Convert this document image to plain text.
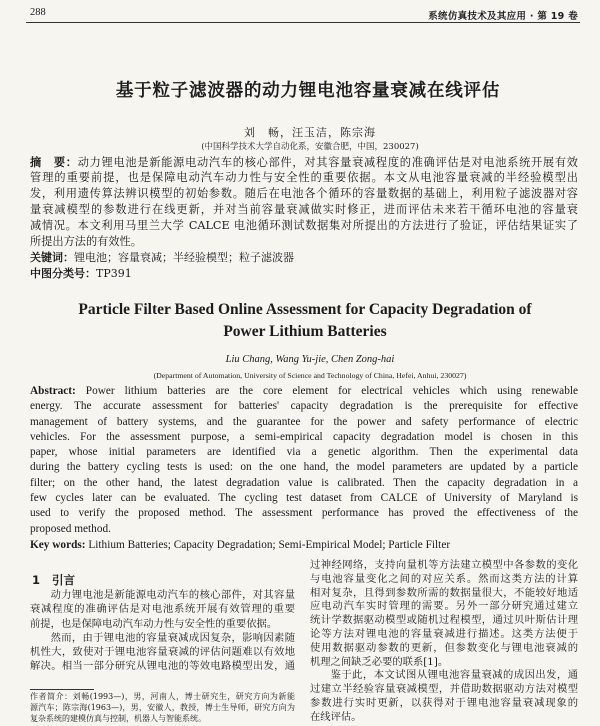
288	系统仿真技术及其应用 · 第 19 卷
基于粒子滤波器的动力锂电池容量衰减在线评估
刘　畅，汪玉洁，陈宗海
(中国科学技术大学自动化系，安徽合肥，中国，230027)
摘　要：动力锂电池是新能源电动汽车的核心部件，对其容量衰减程度的准确评估是对电池系统开展有效
管理的重要前提，也是保障电动汽车动力性与安全性的重要依据。本文从电池容量衰减的半经验模型出
发，利用遗传算法辨识模型的初始参数。随后在电池各个循环的容量数据的基础上，利用粒子滤波器对容
量衰减模型的参数进行在线更新，并对当前容量衰减做实时修正，进而评估未来若干循环电池的容量衰
减情况。本文利用马里兰大学 CALCE 电池循环测试数据集对所提出的方法进行了验证，评估结果证实了
所提出方法的有效性。
关键词：锂电池；容量衰减；半经验模型；粒子滤波器
中图分类号：TP391
Particle Filter Based Online Assessment for Capacity Degradation of
Power Lithium Batteries
Liu Chang, Wang Yu-jie, Chen Zong-hai
(Department of Automation, University of Science and Technology of China, Hefei, Anhui, 230027)
Abstract: Power lithium batteries are the core element for electrical vehicles which using renewable
energy. The accurate assessment for batteries' capacity degradation is the prerequisite for effective
management of battery systems, and the guarantee for the power and safety performance of electric
vehicles. For the assessment purpose, a semi-empirical capacity degradation model is chosen in this
paper, whose initial parameters are identified via a genetic algorithm. Then the experimental data
during the battery cycling tests is used: on the one hand, the model parameters are updated by a particle
filter; on the other hand, the latest degradation value is calibrated. Then the capacity degradation in a
few cycles later can be evaluated. The cycling test dataset from CALCE of University of Maryland is
used to verify the proposed method. The assessment performance has proved the effectiveness of the
proposed method.
Key words: Lithium Batteries; Capacity Degradation; Semi-Empirical Model; Particle Filter
1 引言
动力锂电池是新能源电动汽车的核心部件，对其容量
衰减程度的准确评估是对电池系统开展有效管理的重要
前提，也是保障电动汽车动力性与安全性的重要依据。
然而，由于锂电池的容量衰减成因复杂，影响因素随
机性大，致使对于锂电池容量衰减的评估问题难以有效地
解决。相当一部分研究从锂电池的等效电路模型出发，通
过神经网络，支持向量机等方法建立模型中各参数的变化
与电池容量变化之间的对应关系。然而这类方法的计算
相对复杂，且得到参数所需的数据量很大，不能较好地适
应电动汽车实时管理的需要。另外一部分研究通过建立
统计学数据驱动模型或随机过程模型，通过贝叶斯估计理
论等方法对锂电池的容量衰减进行描述。这类方法便于
使用数据驱动参数的更新，但参数变化与锂电池衰减的
机理之间缺乏必要的联系[1]。
鉴于此，本文试图从锂电池容量衰减的成因出发，通
过建立半经验容量衰减模型，并借助数据驱动方法对模型
参数进行实时更新，以获得对于锂电池容量衰减现象的
在线评估。
作者简介：刘畅(1993—)，男，河南人，博士研究生，研究方向为新能
源汽车；陈宗海(1963—)，男，安徽人，教授，博士生导师，研究方向为
复杂系统的建模仿真与控制，机器人与智能系统。
